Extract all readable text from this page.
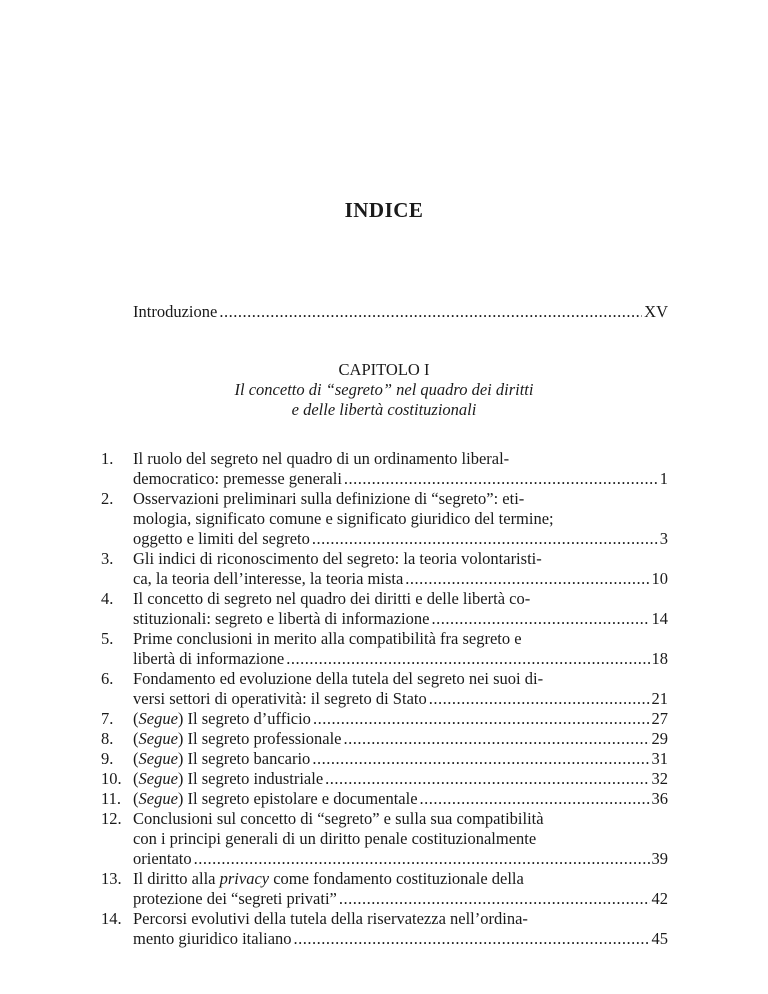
INDICE
Introduzione .....	XV
CAPITOLO I
Il concetto di “segreto” nel quadro dei diritti
e delle libertà costituzionali
1.	Il ruolo del segreto nel quadro di un ordinamento liberal-
democratico: premesse generali .....	1
2.	Osservazioni preliminari sulla definizione di “segreto”: eti-
mologia, significato comune e significato giuridico del termine;
oggetto e limiti del segreto .....	3
3.	Gli indici di riconoscimento del segreto: la teoria volontaristi-
ca, la teoria dell’interesse, la teoria mista .....	10
4.	Il concetto di segreto nel quadro dei diritti e delle libertà co-
stituzionali: segreto e libertà di informazione .....	14
5.	Prime conclusioni in merito alla compatibilità fra segreto e
libertà di informazione .....	18
6.	Fondamento ed evoluzione della tutela del segreto nei suoi di-
versi settori di operatività: il segreto di Stato .....	21
7.	(Segue) Il segreto d’ufficio .....	27
8.	(Segue) Il segreto professionale .....	29
9.	(Segue) Il segreto bancario .....	31
10. (Segue) Il segreto industriale .....	32
11. (Segue) Il segreto epistolare e documentale .....	36
12. Conclusioni sul concetto di “segreto” e sulla sua compatibilità
con i principi generali di un diritto penale costituzionalmente
orientato .....	39
13. Il diritto alla privacy come fondamento costituzionale della
protezione dei “segreti privati” .....	42
14. Percorsi evolutivi della tutela della riservatezza nell’ordina-
mento giuridico italiano .....	45
